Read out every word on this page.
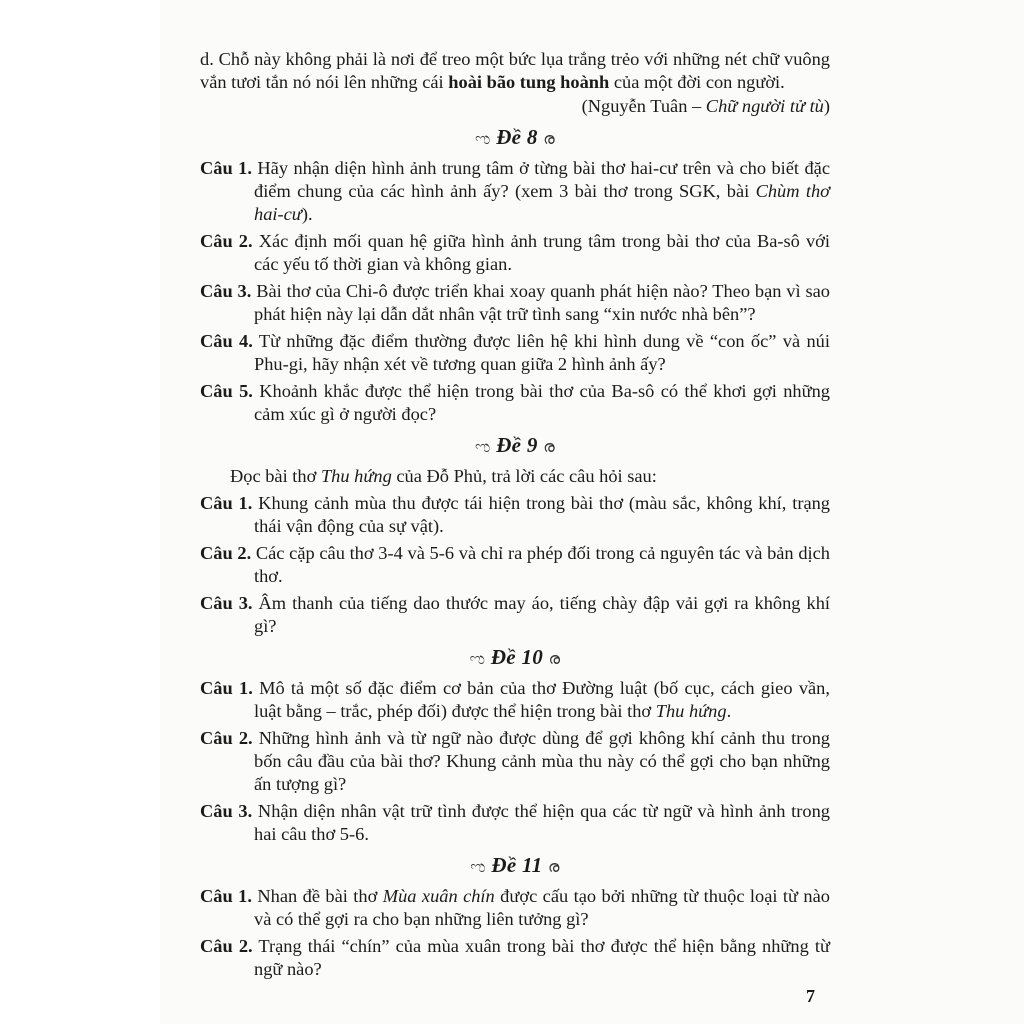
d. Chỗ này không phải là nơi để treo một bức lụa trắng trẻo với những nét chữ vuông vắn tươi tắn nó nói lên những cái hoài bão tung hoành của một đời con người.

(Nguyễn Tuân – Chữ người tử tù)

ಌ Đề 8 ര

Câu 1. Hãy nhận diện hình ảnh trung tâm ở từng bài thơ hai-cư trên và cho biết đặc điểm chung của các hình ảnh ấy? (xem 3 bài thơ trong SGK, bài Chùm thơ hai-cư).

Câu 2. Xác định mối quan hệ giữa hình ảnh trung tâm trong bài thơ của Ba-sô với các yếu tố thời gian và không gian.

Câu 3. Bài thơ của Chi-ô được triển khai xoay quanh phát hiện nào? Theo bạn vì sao phát hiện này lại dẫn dắt nhân vật trữ tình sang “xin nước nhà bên”?

Câu 4. Từ những đặc điểm thường được liên hệ khi hình dung về “con ốc” và núi Phu-gi, hãy nhận xét về tương quan giữa 2 hình ảnh ấy?

Câu 5. Khoảnh khắc được thể hiện trong bài thơ của Ba-sô có thể khơi gợi những cảm xúc gì ở người đọc?

ಌ Đề 9 ര

Đọc bài thơ Thu hứng của Đỗ Phủ, trả lời các câu hỏi sau:

Câu 1. Khung cảnh mùa thu được tái hiện trong bài thơ (màu sắc, không khí, trạng thái vận động của sự vật).

Câu 2. Các cặp câu thơ 3-4 và 5-6 và chỉ ra phép đối trong cả nguyên tác và bản dịch thơ.

Câu 3. Âm thanh của tiếng dao thước may áo, tiếng chày đập vải gợi ra không khí gì?

ಌ Đề 10 ര

Câu 1. Mô tả một số đặc điểm cơ bản của thơ Đường luật (bố cục, cách gieo vần, luật bằng – trắc, phép đối) được thể hiện trong bài thơ Thu hứng.

Câu 2. Những hình ảnh và từ ngữ nào được dùng để gợi không khí cảnh thu trong bốn câu đầu của bài thơ? Khung cảnh mùa thu này có thể gợi cho bạn những ấn tượng gì?

Câu 3. Nhận diện nhân vật trữ tình được thể hiện qua các từ ngữ và hình ảnh trong hai câu thơ 5-6.

ಌ Đề 11 ര

Câu 1. Nhan đề bài thơ Mùa xuân chín được cấu tạo bởi những từ thuộc loại từ nào và có thể gợi ra cho bạn những liên tưởng gì?

Câu 2. Trạng thái “chín” của mùa xuân trong bài thơ được thể hiện bằng những từ ngữ nào?

7
